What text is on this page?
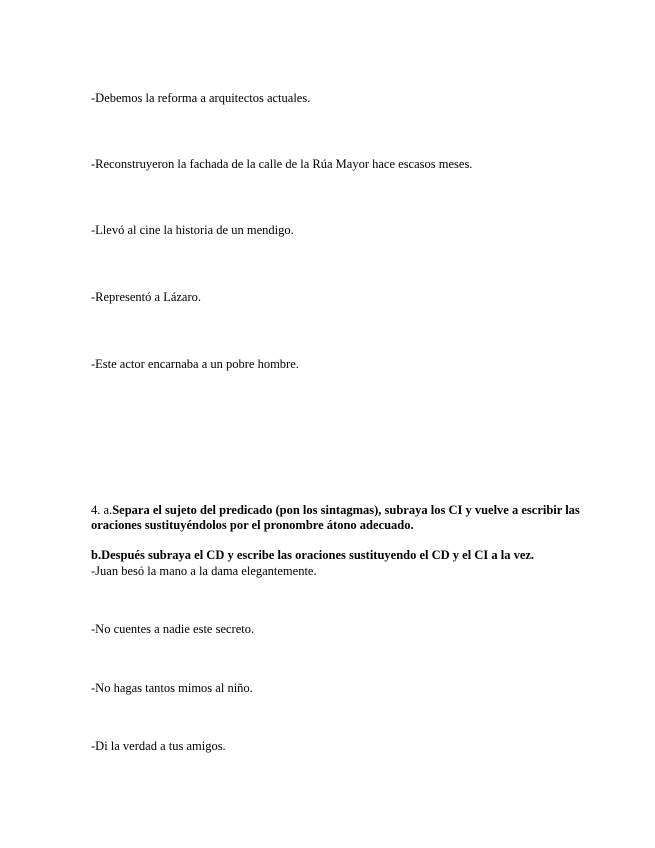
-Debemos la reforma a arquitectos actuales.
-Reconstruyeron la fachada de la calle de la Rúa Mayor hace escasos meses.
-Llevó al cine la historia de un mendigo.
-Representó a Lázaro.
-Este actor encarnaba a un pobre hombre.
4. a.Separa el sujeto del predicado (pon los sintagmas), subraya los CI y vuelve a escribir las oraciones sustituyéndolos por el pronombre átono adecuado.
b.Después subraya el CD y escribe las oraciones sustituyendo el CD y el CI a la vez.
-Juan besó la mano a la dama elegantemente.
-No cuentes a nadie este secreto.
-No hagas tantos mimos al niño.
-Di la verdad a tus amigos.
